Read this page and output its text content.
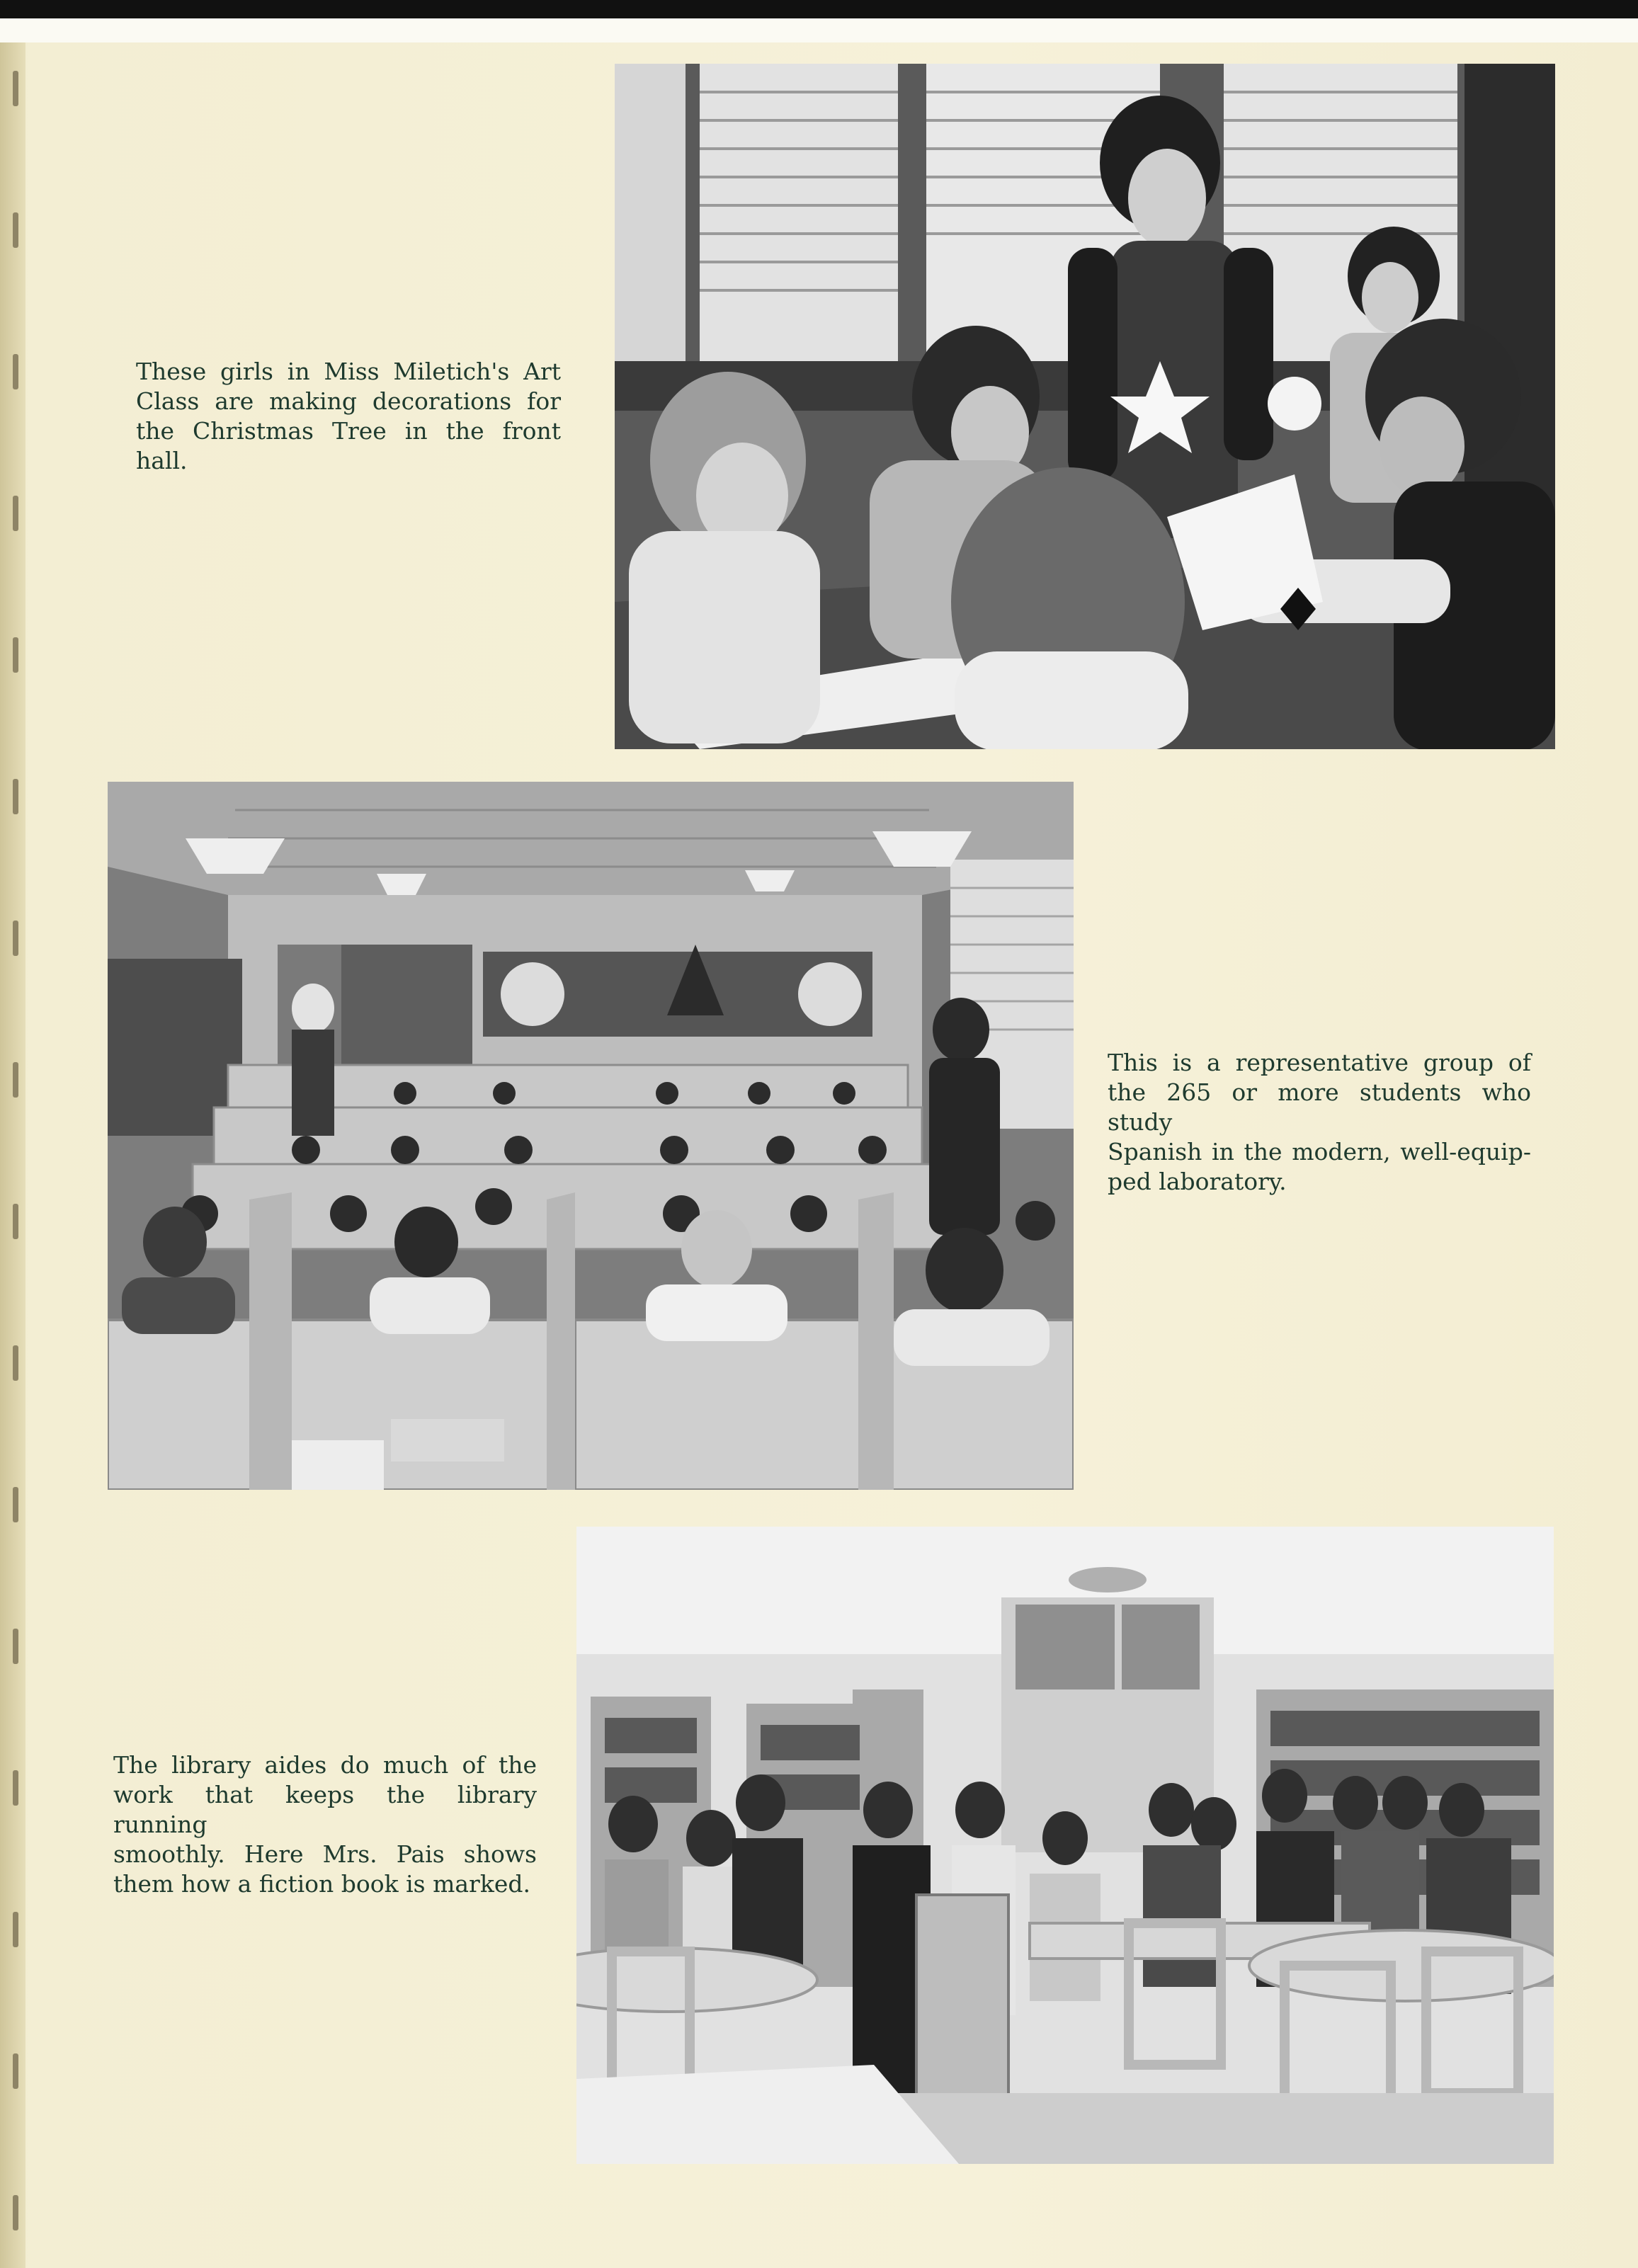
These girls in Miss Miletich's Art
Class are making decorations for
the Christmas Tree in the front hall.
This is a representative group of
the 265 or more students who study
Spanish in the modern, well-equip-
ped laboratory.
The library aides do much of the
work that keeps the library running
smoothly. Here Mrs. Pais shows
them how a fiction book is marked.
